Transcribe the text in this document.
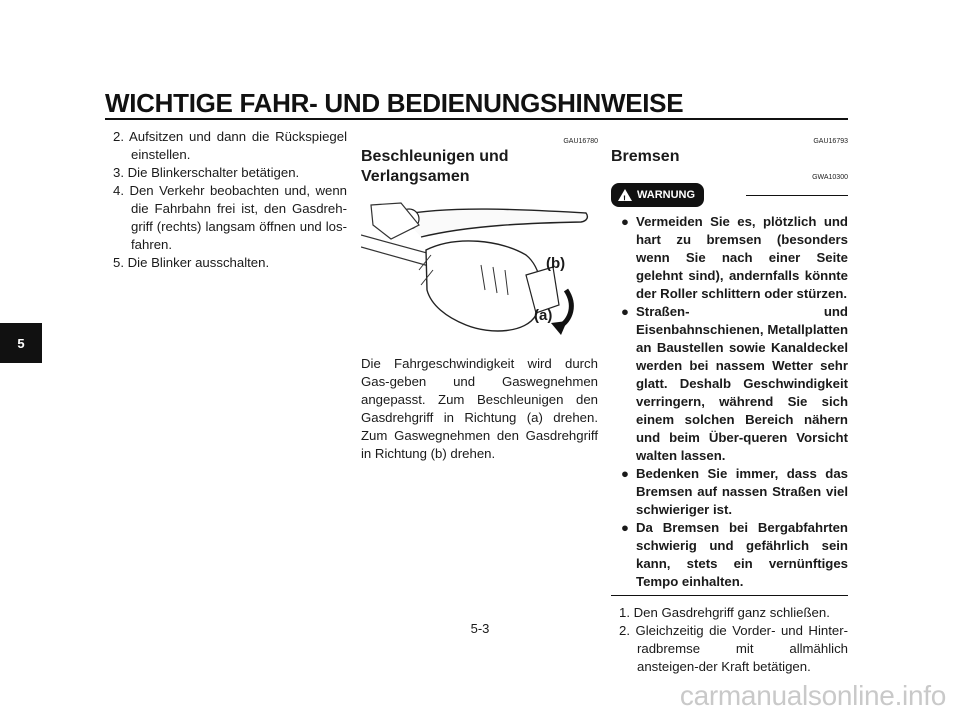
WICHTIGE FAHR- UND BEDIENUNGSHINWEISE
5

2. Aufsitzen und dann die Rückspiegel einstellen.

3. Die Blinkerschalter betätigen.

4. Den Verkehr beobachten und, wenn die Fahrbahn frei ist, den Gasdreh-griff (rechts) langsam öffnen und los-fahren.

5. Die Blinker ausschalten.

GAU16780
Beschleunigen und Verlangsamen
(b)
(a)

Die Fahrgeschwindigkeit wird durch Gas-geben und Gaswegnehmen angepasst. Zum Beschleunigen den Gasdrehgriff in Richtung (a) drehen. Zum Gaswegnehmen den Gasdrehgriff in Richtung (b) drehen.

GAU16793
Bremsen
GWA10300
! WARNUNG
● Vermeiden Sie es, plötzlich und hart zu bremsen (besonders wenn Sie nach einer Seite gelehnt sind), andernfalls könnte der Roller schlittern oder stürzen.
● Straßen- und Eisenbahnschienen, Metallplatten an Baustellen sowie Kanaldeckel werden bei nassem Wetter sehr glatt. Deshalb Geschwindigkeit verringern, während Sie sich einem solchen Bereich nähern und beim Über-queren Vorsicht walten lassen.
● Bedenken Sie immer, dass das Bremsen auf nassen Straßen viel schwieriger ist.
● Da Bremsen bei Bergabfahrten schwierig und gefährlich sein kann, stets ein vernünftiges Tempo einhalten.

1. Den Gasdrehgriff ganz schließen.

2. Gleichzeitig die Vorder- und Hinter-radbremse mit allmählich ansteigen-der Kraft betätigen.

5-3
carmanualsonline.info
